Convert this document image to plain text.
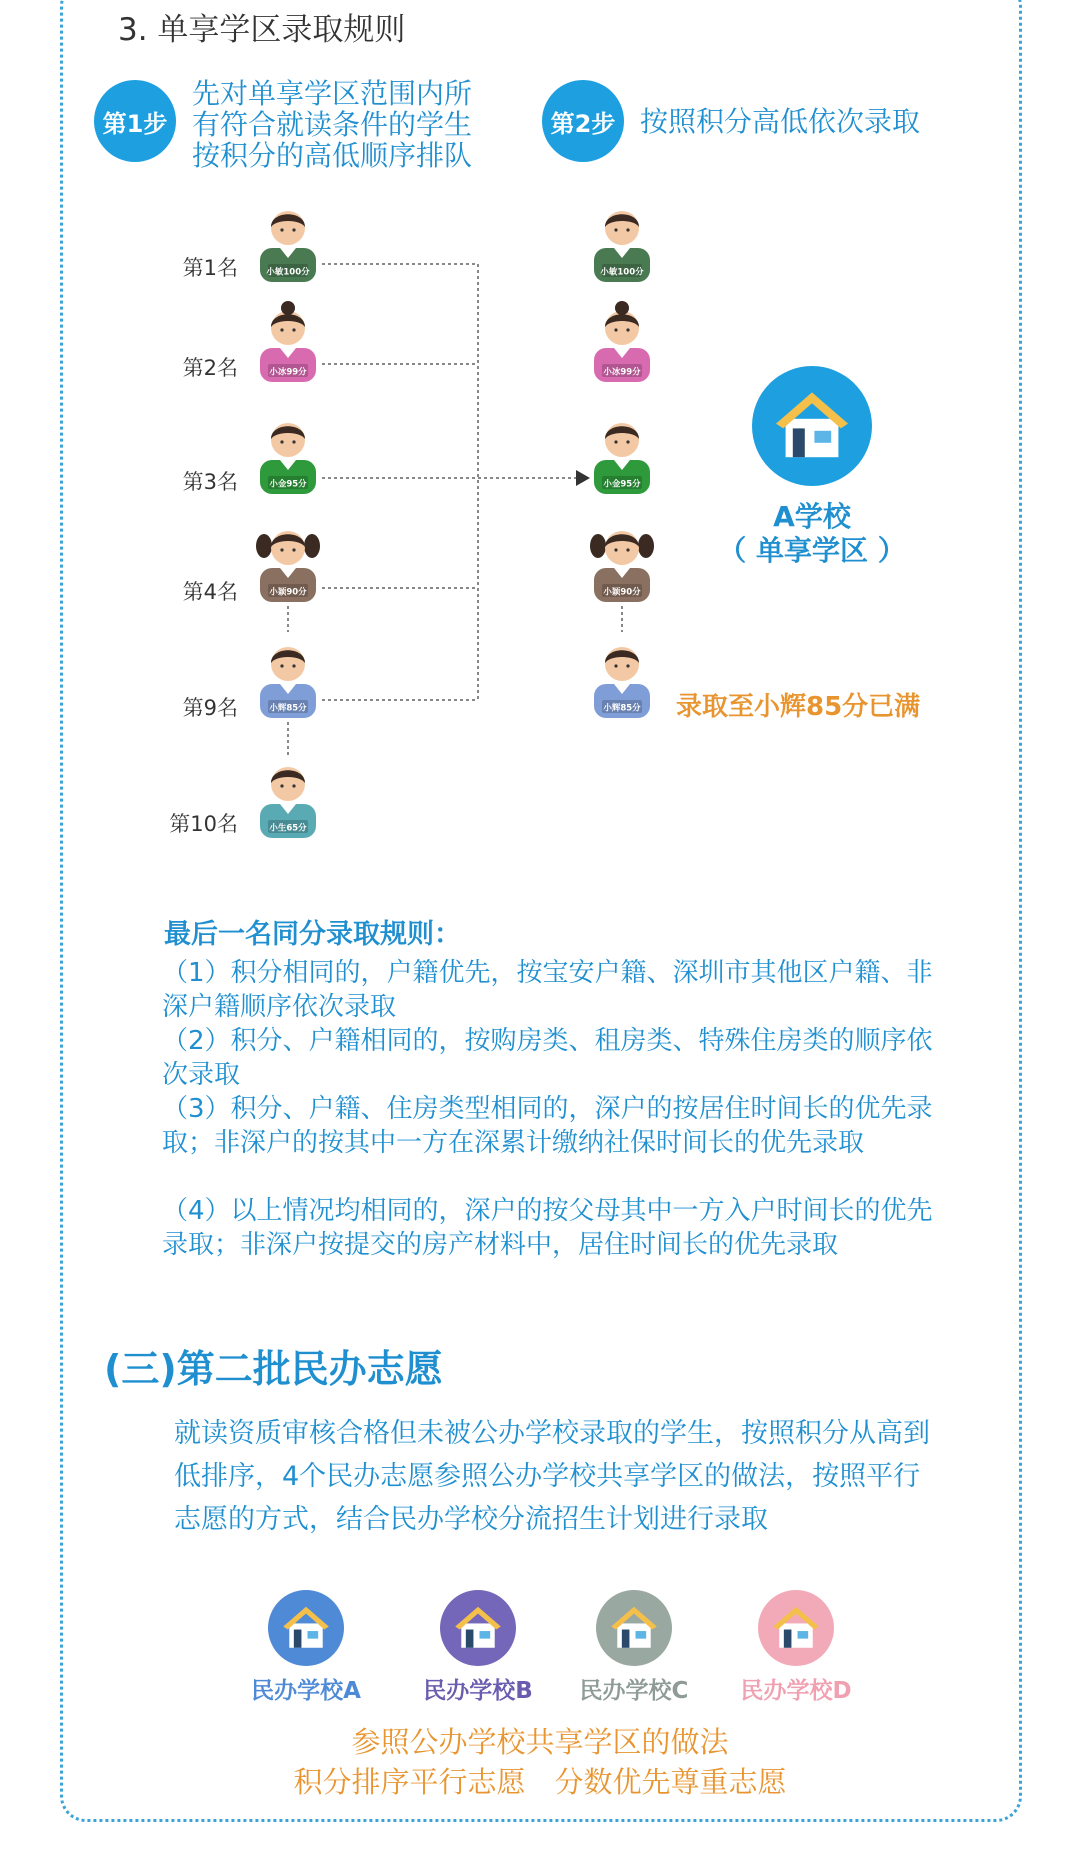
3. 单享学区录取规则
第1步
先对单享学区范围内所
有符合就读条件的学生
按积分的高低顺序排队
第2步 按照积分高低依次录取
第1名
第2名
第3名
第4名
第9名
第10名
小敏100分
小冰99分
小金95分
小颖90分
小辉85分
小生65分
小敏100分
小冰99分
小金95分
小颖90分
小辉85分
A学校
（ 单享学区 ）
录取至小辉85分已满
最后一名同分录取规则：
（1）积分相同的，户籍优先，按宝安户籍、深圳市其他区户籍、非深户籍顺序依次录取
（2）积分、户籍相同的，按购房类、租房类、特殊住房类的顺序依次录取
（3）积分、户籍、住房类型相同的，深户的按居住时间长的优先录取；非深户的按其中一方在深累计缴纳社保时间长的优先录取
（4）以上情况均相同的，深户的按父母其中一方入户时间长的优先录取；非深户按提交的房产材料中，居住时间长的优先录取
(三)第二批民办志愿
就读资质审核合格但未被公办学校录取的学生，按照积分从高到低排序，4个民办志愿参照公办学校共享学区的做法，按照平行志愿的方式，结合民办学校分流招生计划进行录取
民办学校A	民办学校B	民办学校C	民办学校D
参照公办学校共享学区的做法
积分排序平行志愿　分数优先尊重志愿
